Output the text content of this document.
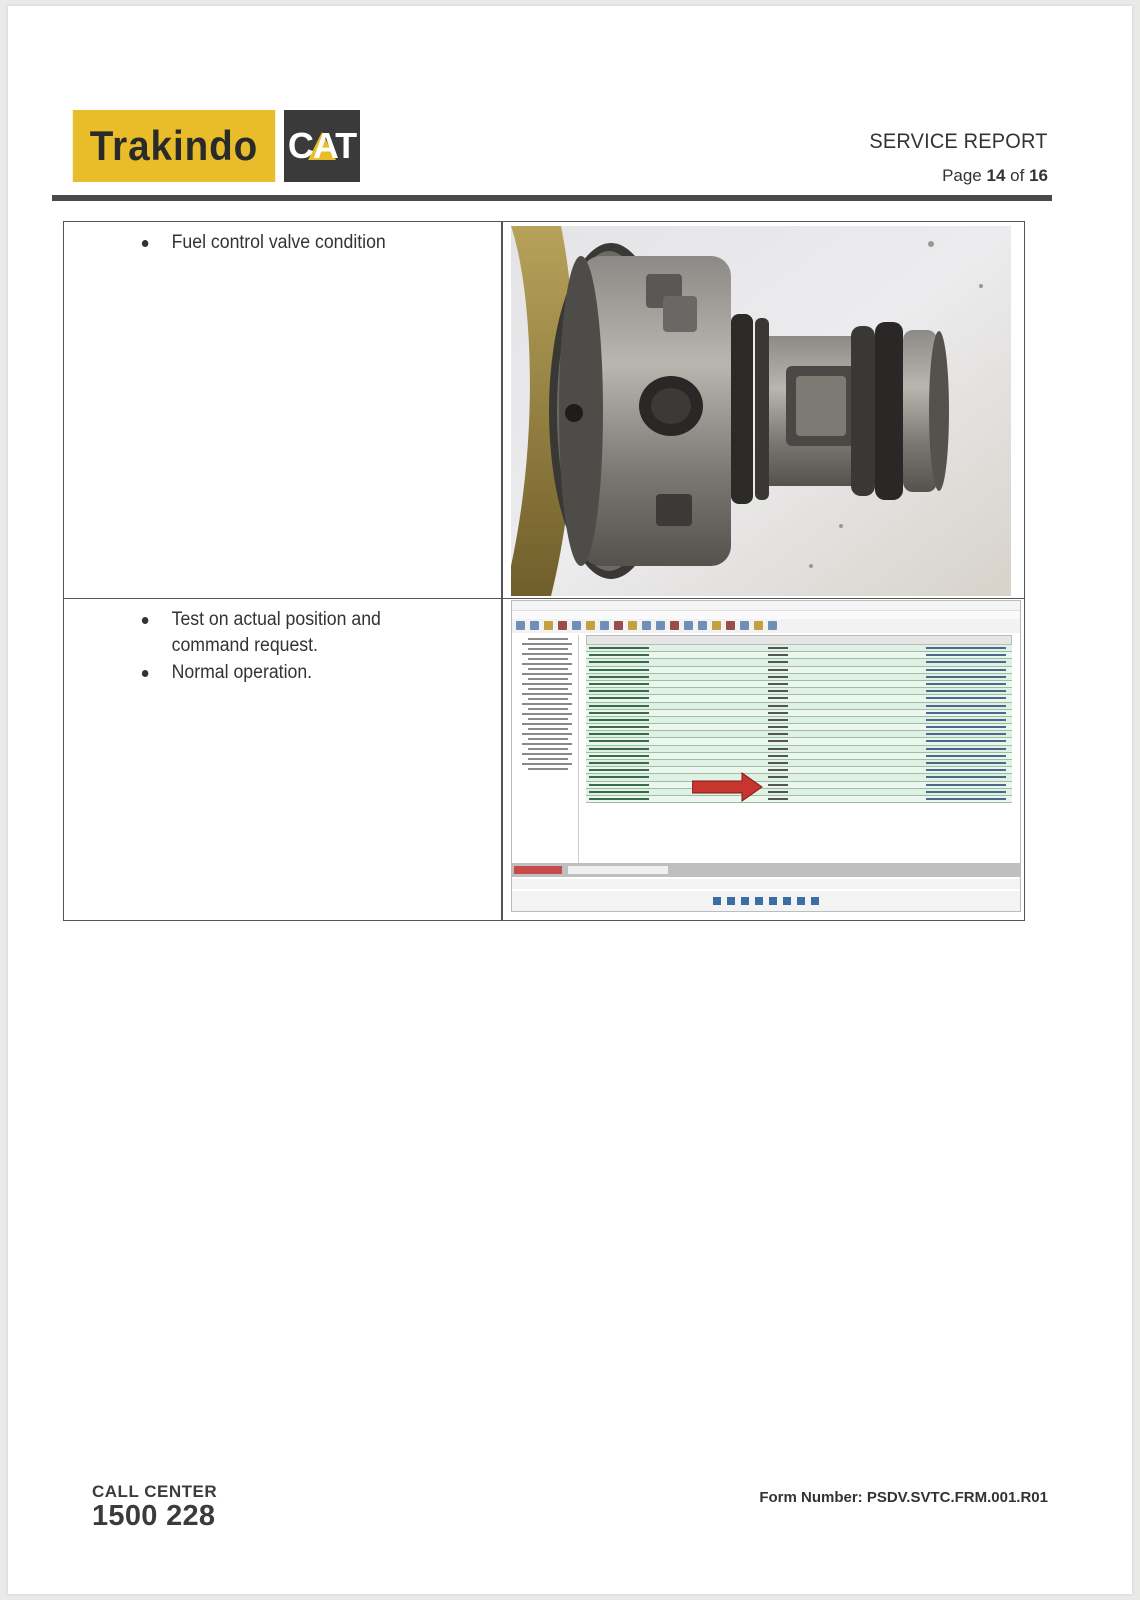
Trakindo CAT	SERVICE REPORT
Page 14 of 16
Fuel control valve condition
Test on actual position and command request.
Normal operation.
CALL CENTER
1500 228
Form Number: PSDV.SVTC.FRM.001.R01
